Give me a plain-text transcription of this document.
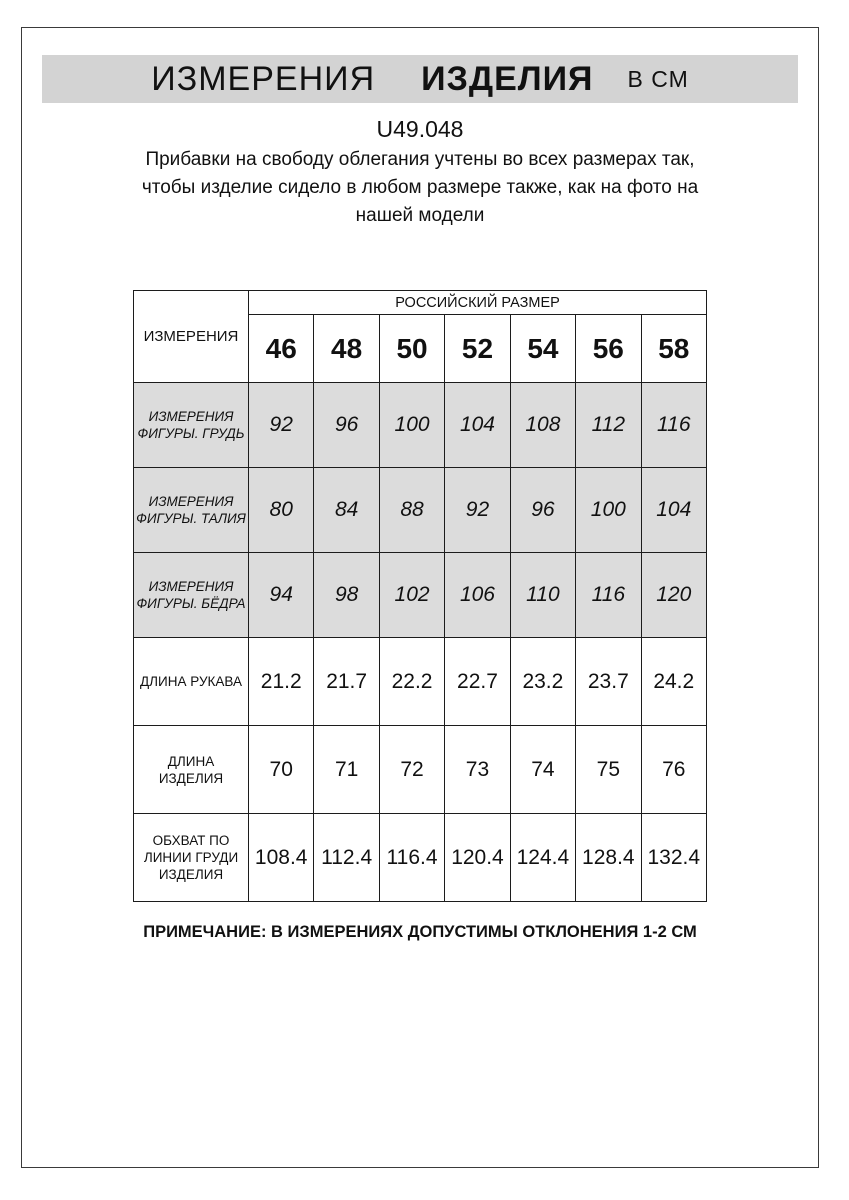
ИЗМЕРЕНИЯ ИЗДЕЛИЯ В СМ
U49.048
Прибавки на свободу облегания учтены во всех размерах так,
чтобы изделие сидело в любом размере также, как на фото на
нашей модели
ИЗМЕРЕНИЯ	РОССИЙСКИЙ РАЗМЕР						
	46	48	50	52	54	56	58
ИЗМЕРЕНИЯ ФИГУРЫ. ГРУДЬ	92	96	100	104	108	112	116
ИЗМЕРЕНИЯ ФИГУРЫ. ТАЛИЯ	80	84	88	92	96	100	104
ИЗМЕРЕНИЯ ФИГУРЫ. БЁДРА	94	98	102	106	110	116	120
ДЛИНА РУКАВА	21.2	21.7	22.2	22.7	23.2	23.7	24.2
ДЛИНА ИЗДЕЛИЯ	70	71	72	73	74	75	76
ОБХВАТ ПО ЛИНИИ ГРУДИ ИЗДЕЛИЯ	108.4	112.4	116.4	120.4	124.4	128.4	132.4
ПРИМЕЧАНИЕ: В ИЗМЕРЕНИЯХ ДОПУСТИМЫ ОТКЛОНЕНИЯ 1-2 СМ
